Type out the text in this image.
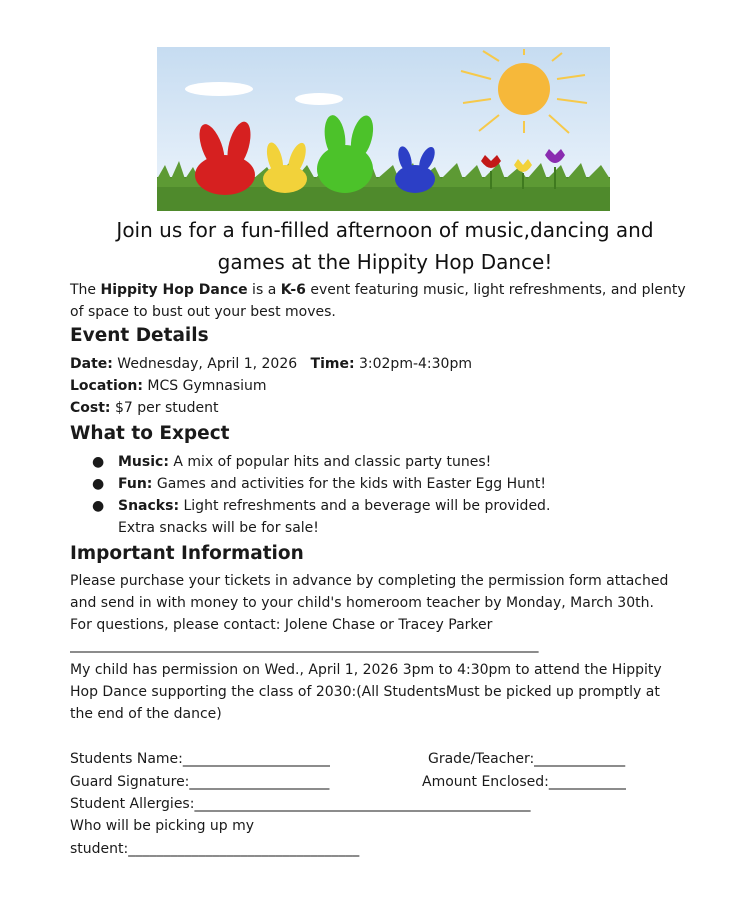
Join us for a fun-filled afternoon of music,dancing and
games at the Hippity Hop Dance!
The Hippity Hop Dance is a K-6 event featuring music, light refreshments, and plenty
of space to bust out your best moves.
Event Details
Date: Wednesday, April 1, 2026 Time: 3:02pm-4:30pm
Location: MCS Gymnasium
Cost: $7 per student
What to Expect
● Music: A mix of popular hits and classic party tunes!
● Fun: Games and activities for the kids with Easter Egg Hunt!
● Snacks: Light refreshments and a beverage will be provided.
Extra snacks will be for sale!
Important Information
Please purchase your tickets in advance by completing the permission form attached
and send in with money to your child's homeroom teacher by Monday, March 30th.
For questions, please contact: Jolene Chase or Tracey Parker
________________________________________________________________________
My child has permission on Wed., April 1, 2026 3pm to 4:30pm to attend the Hippity
Hop Dance supporting the class of 2030:(All StudentsMust be picked up promptly at
the end of the dance)
Students Name:_____________________	Grade/Teacher:_____________
Guard Signature:____________________	Amount Enclosed:___________
Student Allergies:________________________________________________
Who will be picking up my
student:_________________________________
